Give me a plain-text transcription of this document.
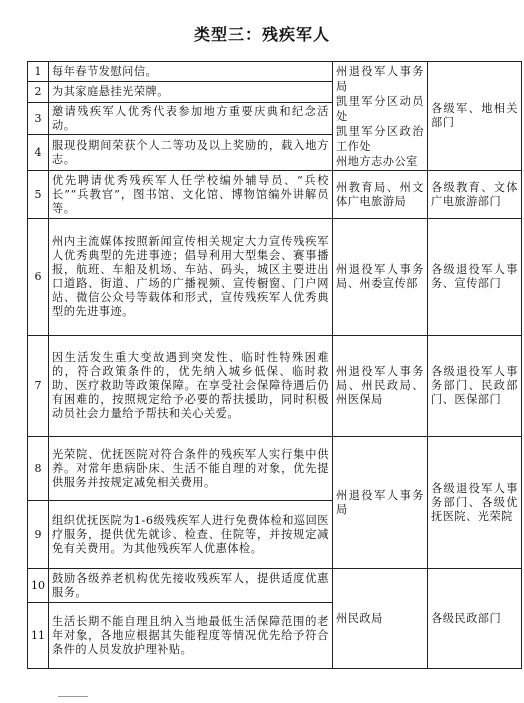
类型三：残疾军人
1	每年春节发慰问信。	州退役军人事务局
凯里军分区动员处
凯里军分区政治工作处
州地方志办公室	各级军、地相关部门
2	为其家庭悬挂光荣牌。		
3	邀请残疾军人优秀代表参加地方重要庆典和纪念活动。		
4	服现役期间荣获个人二等功及以上奖励的，载入地方志。		
5	优先聘请优秀残疾军人任学校编外辅导员、“兵校长”“兵教官”，图书馆、文化馆、博物馆编外讲解员等。	州教育局、州文体广电旅游局	各级教育、文体广电旅游部门
6	州内主流媒体按照新闻宣传相关规定大力宣传残疾军人优秀典型的先进事迹；倡导利用大型集会、赛事播报，航班、车船及机场、车站、码头，城区主要进出口道路、街道、广场的广播视频、宣传橱窗、门户网站、微信公众号等载体和形式，宣传残疾军人优秀典型的先进事迹。	州退役军人事务局、州委宣传部	各级退役军人事务、宣传部门
7	因生活发生重大变故遇到突发性、临时性特殊困难的，符合政策条件的，优先纳入城乡低保、临时救助、医疗救助等政策保障。在享受社会保障待遇后仍有困难的，按照规定给予必要的帮扶援助，同时积极动员社会力量给予帮扶和关心关爱。	州退役军人事务局、州民政局、州医保局	各级退役军人事务部门、民政部门、医保部门
8	光荣院、优抚医院对符合条件的残疾军人实行集中供养。对常年患病卧床、生活不能自理的对象，优先提供服务并按规定减免相关费用。	州退役军人事务局	各级退役军人事务部门、各级优抚医院、光荣院
9	组织优抚医院为1-6级残疾军人进行免费体检和巡回医疗服务，提供优先就诊、检查、住院等，并按规定减免有关费用。为其他残疾军人优惠体检。		
10	鼓励各级养老机构优先接收残疾军人，提供适度优惠服务。	州民政局	各级民政部门
11	生活长期不能自理且纳入当地最低生活保障范围的老年对象，各地应根据其失能程度等情况优先给予符合条件的人员发放护理补贴。		
